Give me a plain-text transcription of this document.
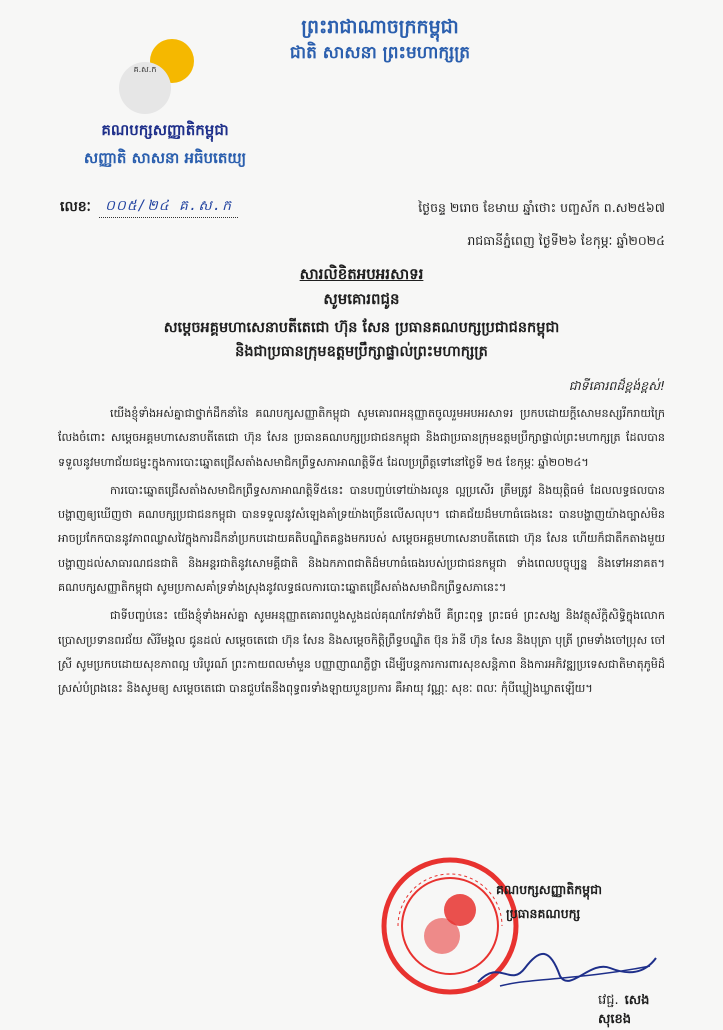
ព្រះរាជាណាចក្រកម្ពុជា
ជាតិ សាសនា ព្រះមហាក្សត្រ
គ.ស.ក
គណបក្សសញ្ញាតិកម្ពុជា
សញ្ញាតិ សាសនា អធិបតេយ្យ
លេខៈ	០០៥/២៤ គ.ស.ក	ថ្ងៃចន្ទ ២រោច ខែមាឃ ឆ្នាំថោះ បញ្ចស័ក ព.ស២៥៦៧
រាជធានីភ្នំពេញ ថ្ងៃទី២៦ ខែកុម្ភៈ ឆ្នាំ២០២៤
សារលិខិតអបអរសាទរ
សូមគោរពជូន
សម្តេចអគ្គមហាសេនាបតីតេជោ ហ៊ុន សែន ប្រធានគណបក្សប្រជាជនកម្ពុជា
និងជាប្រធានក្រុមឧត្តមប្រឹក្សាផ្ទាល់ព្រះមហាក្សត្រ
ជាទីគោរពដ៏ខ្ពង់ខ្ពស់!

យើងខ្ញុំទាំងអស់គ្នាជាថ្នាក់ដឹកនាំនៃ គណបក្សសញ្ញាតិកម្ពុជា សូមគោរពអនុញ្ញាតចូលរួមអបអរសាទរ ប្រកបដោយក្តីសោមនស្សរីករាយក្រៃលែងចំពោះ សម្តេចអគ្គមហាសេនាបតីតេជោ ហ៊ុន សែន ប្រធានគណបក្សប្រជាជនកម្ពុជា និងជាប្រធានក្រុមឧត្តមប្រឹក្សាផ្ទាល់ព្រះមហាក្សត្រ ដែលបានទទួលនូវមហាជ័យជម្នះក្នុងការបោះឆ្នោតជ្រើសតាំងសមាជិកព្រឹទ្ធសភាអាណត្តិទី៥ ដែលប្រព្រឹត្តទៅនៅថ្ងៃទី ២៥ ខែកុម្ភៈ ឆ្នាំ២០២៤។

ការបោះឆ្នោតជ្រើសតាំងសមាជិកព្រឹទ្ធសភាអាណត្តិទី៥នេះ បានបញ្ចប់ទៅយ៉ាងរលូន ល្អប្រសើរ ត្រឹមត្រូវ និងយុត្តិធម៌ ដែលលទ្ធផលបានបង្ហាញឲ្យឃើញថា គណបក្សប្រជាជនកម្ពុជា បានទទួលនូវសំឡេងគាំទ្រយ៉ាងច្រើនលើសលុប។ ជោគជ័យដ៏មហាធំធេងនេះ បានបង្ហាញយ៉ាងច្បាស់មិនអាចប្រកែកបាននូវភាពឈ្លាសវៃក្នុងការដឹកនាំប្រកបដោយគតិបណ្ឌិតគន្លងមករបស់ សម្តេចអគ្គមហាសេនាបតីតេជោ ហ៊ុន សែន ហើយក៏ជាតឹកតាងមួយបង្ហាញដល់សាធារណជនជាតិ និងអន្តរជាតិនូវសោមគ្គីជាតិ និងឯកភាពជាតិដ៏មហាធំធេងរបស់ប្រជាជនកម្ពុជា ទាំងពេលបច្ចុប្បន្ន និងទៅអនាគត។ គណបក្សសញ្ញាតិកម្ពុជា សូមប្រកាសគាំទ្រទាំងស្រុងនូវលទ្ធផលការបោះឆ្នោតជ្រើសតាំងសមាជិកព្រឹទ្ធសភានេះ។

ជាទីបញ្ចប់នេះ យើងខ្ញុំទាំងអស់គ្នា សូមអនុញ្ញាតគោរពបួងសួងដល់គុណកែវទាំងបី គឺព្រះពុទ្ធ ព្រះធម៌ ព្រះសង្ឃ និងវត្ថុស័ក្តិសិទ្ធិក្នុងលោក ប្រោសប្រទានពរជ័យ សិរីមង្គល ជូនដល់ សម្តេចតេជោ ហ៊ុន សែន និងសម្តេចកិត្តិព្រឹទ្ធបណ្ឌិត ប៊ុន រ៉ានី ហ៊ុន សែន និងបុត្រា បុត្រី ព្រមទាំងចៅប្រុស ចៅស្រី សូមប្រកបដោយសុខភាពល្អ បរិបូរណ៍ ព្រះកាយពលមាំមួន បញ្ញាញាណភ្លឺថ្លា ដើម្បីបន្តការការពារសុខសន្តិភាព និងការអភិវឌ្ឍប្រទេសជាតិមាតុភូមិដ៏ស្រស់បំព្រងនេះ និងសូមឲ្យ សម្តេចតេជោ បានជួបតែនឹងពុទ្ធពរទាំងឡាយបួនប្រការ គឺអាយុ វណ្ណៈ សុខៈ ពលៈ កុំបីឃ្លៀងឃ្លាតឡើយ។

គណបក្សសញ្ញាតិកម្ពុជា
ប្រធានគណបក្ស
វេជ្ជ. សេង សុខេង
